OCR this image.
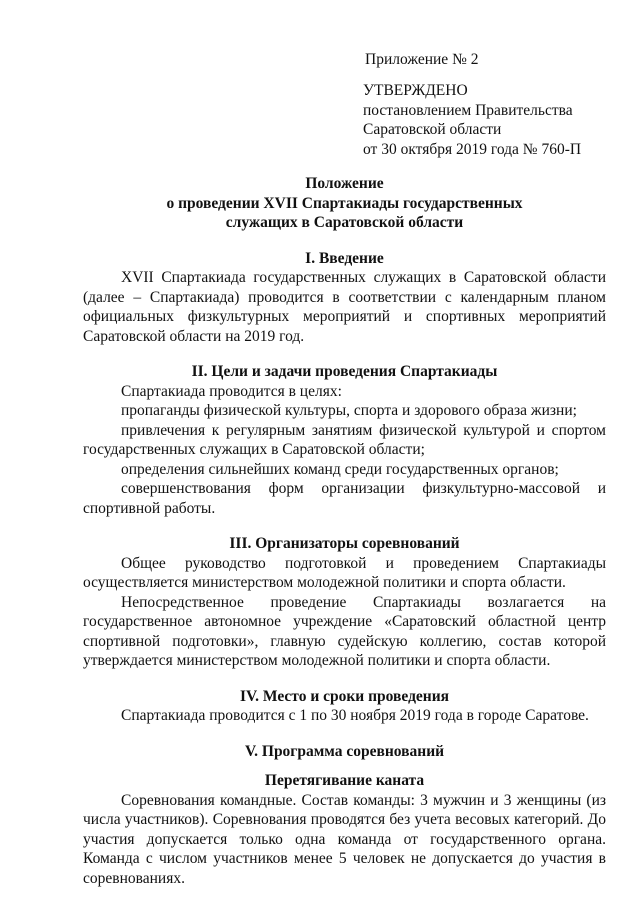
Приложение № 2
УТВЕРЖДЕНО
постановлением Правительства
Саратовской области
от 30 октября 2019 года № 760-П
Положение
о проведении XVII Спартакиады государственных
служащих в Саратовской области
I. Введение

XVII Спартакиада государственных служащих в Саратовской области (далее – Спартакиада) проводится в соответствии с календарным планом официальных физкультурных мероприятий и спортивных мероприятий Саратовской области на 2019 год.

II. Цели и задачи проведения Спартакиады

Спартакиада проводится в целях:

пропаганды физической культуры, спорта и здорового образа жизни;

привлечения к регулярным занятиям физической культурой и спортом государственных служащих в Саратовской области;

определения сильнейших команд среди государственных органов;

совершенствования форм организации физкультурно-массовой и спортивной работы.

III. Организаторы соревнований

Общее руководство подготовкой и проведением Спартакиады осуществляется министерством молодежной политики и спорта области.

Непосредственное проведение Спартакиады возлагается на государственное автономное учреждение «Саратовский областной центр спортивной подготовки», главную судейскую коллегию, состав которой утверждается министерством молодежной политики и спорта области.

IV. Место и сроки проведения

Спартакиада проводится с 1 по 30 ноября 2019 года в городе Саратове.

V. Программа соревнований
Перетягивание каната

Соревнования командные. Состав команды: 3 мужчин и 3 женщины (из числа участников). Соревнования проводятся без учета весовых категорий. До участия допускается только одна команда от государственного органа. Команда с числом участников менее 5 человек не допускается до участия в соревнованиях.
